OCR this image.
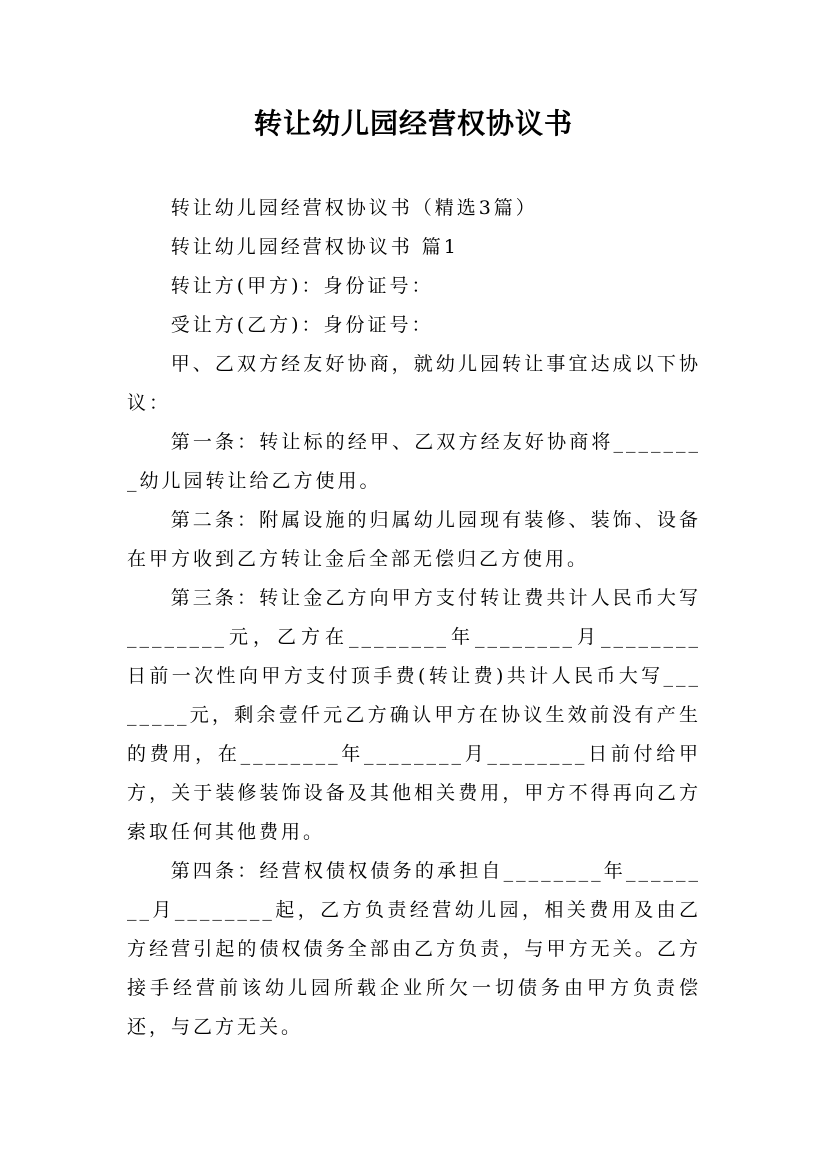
转让幼儿园经营权协议书

转让幼儿园经营权协议书（精选3篇）

转让幼儿园经营权协议书 篇1

转让方(甲方)：身份证号：

受让方(乙方)：身份证号：

甲、乙双方经友好协商，就幼儿园转让事宜达成以下协议：

第一条：转让标的经甲、乙双方经友好协商将________幼儿园转让给乙方使用。

第二条：附属设施的归属幼儿园现有装修、装饰、设备在甲方收到乙方转让金后全部无偿归乙方使用。

第三条：转让金乙方向甲方支付转让费共计人民币大写________元，乙方在________年________月________日前一次性向甲方支付顶手费(转让费)共计人民币大写________元，剩余壹仟元乙方确认甲方在协议生效前没有产生的费用，在________年________月________日前付给甲方，关于装修装饰设备及其他相关费用，甲方不得再向乙方索取任何其他费用。

第四条：经营权债权债务的承担自________年________月________起，乙方负责经营幼儿园，相关费用及由乙方经营引起的债权债务全部由乙方负责，与甲方无关。乙方接手经营前该幼儿园所载企业所欠一切债务由甲方负责偿还，与乙方无关。
